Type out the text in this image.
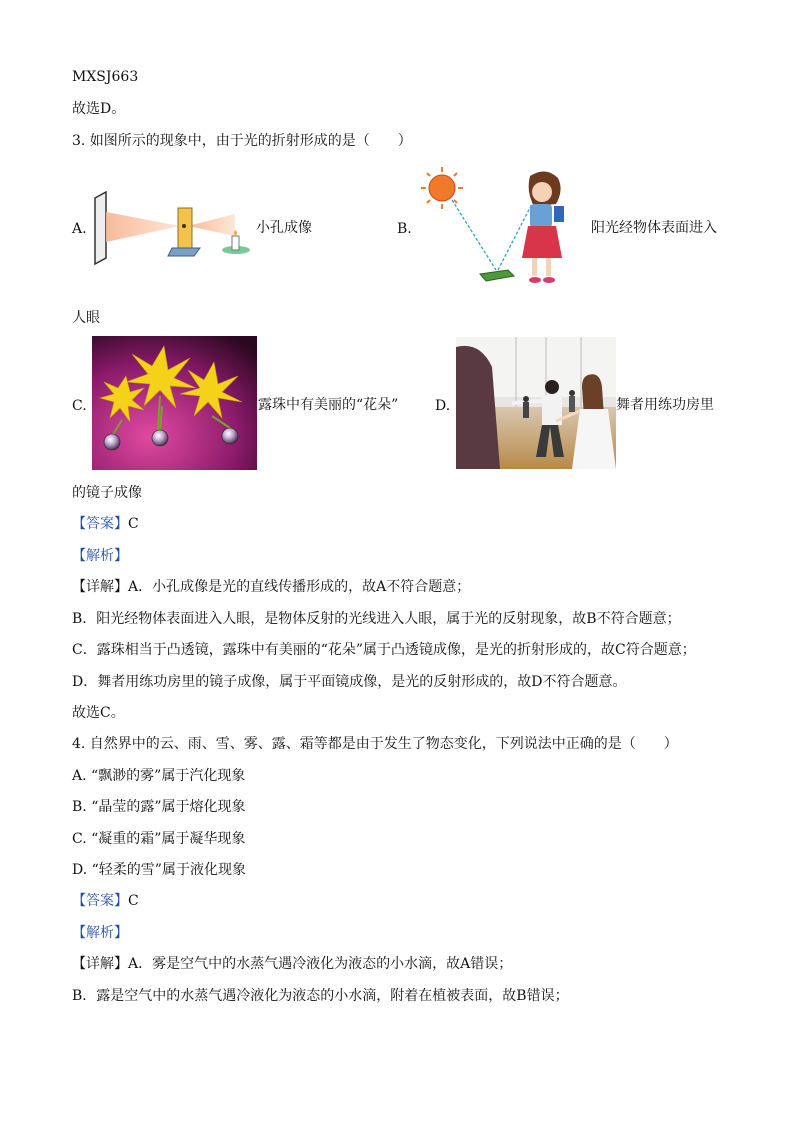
MXSJ663
故选D。
3. 如图所示的现象中，由于光的折射形成的是（　　）
A.	小孔成像	B.	阳光经物体表面进入
人眼
C.	露珠中有美丽的“花朵”	D.	舞者用练功房里
的镜子成像
【答案】C
【解析】
【详解】A．小孔成像是光的直线传播形成的，故A不符合题意；
B．阳光经物体表面进入人眼，是物体反射的光线进入人眼，属于光的反射现象，故B不符合题意；
C．露珠相当于凸透镜，露珠中有美丽的“花朵”属于凸透镜成像，是光的折射形成的，故C符合题意；
D．舞者用练功房里的镜子成像，属于平面镜成像，是光的反射形成的，故D不符合题意。
故选C。
4. 自然界中的云、雨、雪、雾、露、霜等都是由于发生了物态变化，下列说法中正确的是（　　）
A. “飘渺的雾”属于汽化现象
B. “晶莹的露”属于熔化现象
C. “凝重的霜”属于凝华现象
D. “轻柔的雪”属于液化现象
【答案】C
【解析】
【详解】A．雾是空气中的水蒸气遇冷液化为液态的小水滴，故A错误；
B．露是空气中的水蒸气遇冷液化为液态的小水滴，附着在植被表面，故B错误；
